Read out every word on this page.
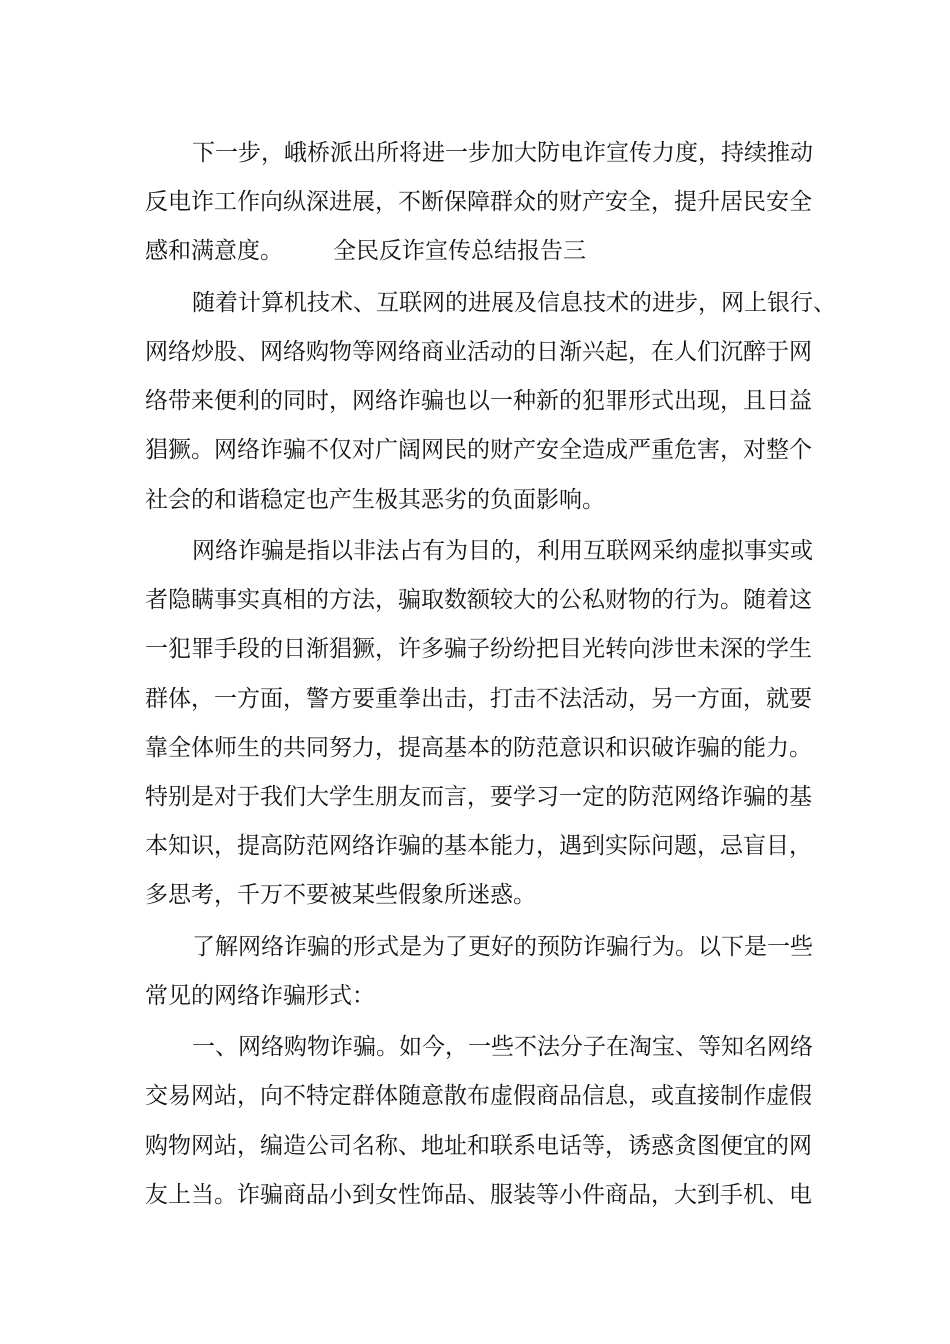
下一步，峨桥派出所将进一步加大防电诈宣传力度，持续推动
反电诈工作向纵深进展，不断保障群众的财产安全，提升居民安全
感和满意度。 全民反诈宣传总结报告三
随着计算机技术、互联网的进展及信息技术的进步，网上银行、
网络炒股、网络购物等网络商业活动的日渐兴起，在人们沉醉于网
络带来便利的同时，网络诈骗也以一种新的犯罪形式出现，且日益
猖獗。网络诈骗不仅对广阔网民的财产安全造成严重危害，对整个
社会的和谐稳定也产生极其恶劣的负面影响。
网络诈骗是指以非法占有为目的，利用互联网采纳虚拟事实或
者隐瞒事实真相的方法，骗取数额较大的公私财物的行为。随着这
一犯罪手段的日渐猖獗，许多骗子纷纷把目光转向涉世未深的学生
群体，一方面，警方要重拳出击，打击不法活动，另一方面，就要
靠全体师生的共同努力，提高基本的防范意识和识破诈骗的能力。
特别是对于我们大学生朋友而言，要学习一定的防范网络诈骗的基
本知识，提高防范网络诈骗的基本能力，遇到实际问题，忌盲目，
多思考，千万不要被某些假象所迷惑。
了解网络诈骗的形式是为了更好的预防诈骗行为。以下是一些
常见的网络诈骗形式：
一、网络购物诈骗。如今，一些不法分子在淘宝、等知名网络
交易网站，向不特定群体随意散布虚假商品信息，或直接制作虚假
购物网站，编造公司名称、地址和联系电话等，诱惑贪图便宜的网
友上当。诈骗商品小到女性饰品、服装等小件商品，大到手机、电
